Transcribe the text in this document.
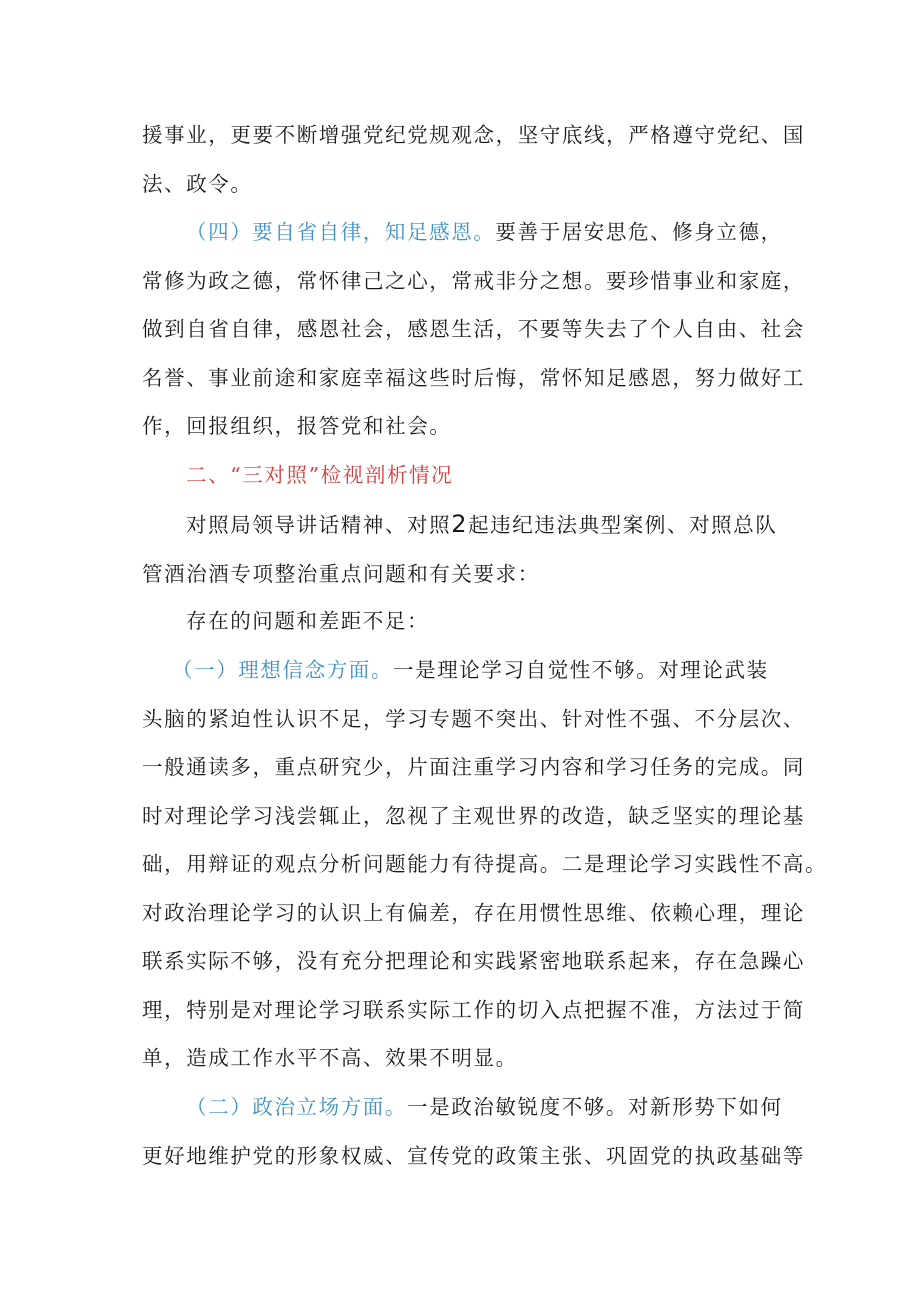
援事业，更要不断增强党纪党规观念，坚守底线，严格遵守党纪、国
法、政令。
（四）要自省自律，知足感恩。要善于居安思危、修身立德，
常修为政之德，常怀律己之心，常戒非分之想。要珍惜事业和家庭，
做到自省自律，感恩社会，感恩生活，不要等失去了个人自由、社会
名誉、事业前途和家庭幸福这些时后悔，常怀知足感恩，努力做好工
作，回报组织，报答党和社会。
二、“三对照”检视剖析情况
对照局领导讲话精神、对照2起违纪违法典型案例、对照总队
管酒治酒专项整治重点问题和有关要求：
存在的问题和差距不足：
（一）理想信念方面。一是理论学习自觉性不够。对理论武装
头脑的紧迫性认识不足，学习专题不突出、针对性不强、不分层次、
一般通读多，重点研究少，片面注重学习内容和学习任务的完成。同
时对理论学习浅尝辄止，忽视了主观世界的改造，缺乏坚实的理论基
础，用辩证的观点分析问题能力有待提高。二是理论学习实践性不高。
对政治理论学习的认识上有偏差，存在用惯性思维、依赖心理，理论
联系实际不够，没有充分把理论和实践紧密地联系起来，存在急躁心
理，特别是对理论学习联系实际工作的切入点把握不准，方法过于简
单，造成工作水平不高、效果不明显。
（二）政治立场方面。一是政治敏锐度不够。对新形势下如何
更好地维护党的形象权威、宣传党的政策主张、巩固党的执政基础等
